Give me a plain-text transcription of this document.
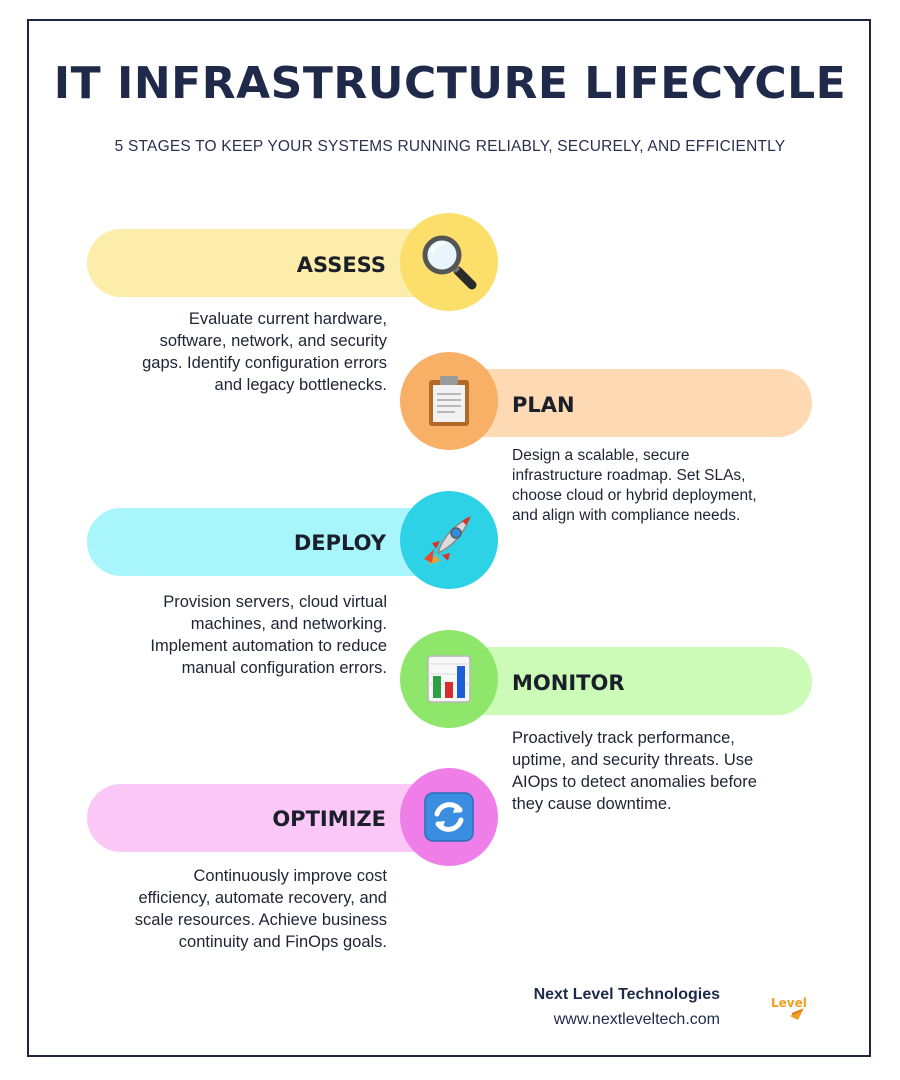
IT INFRASTRUCTURE LIFECYCLE
5 STAGES TO KEEP YOUR SYSTEMS RUNNING RELIABLY, SECURELY, AND EFFICIENTLY
ASSESS
Evaluate current hardware,
software, network, and security
gaps. Identify configuration errors
and legacy bottlenecks.
PLAN
Design a scalable, secure
infrastructure roadmap. Set SLAs,
choose cloud or hybrid deployment,
and align with compliance needs.
DEPLOY
Provision servers, cloud virtual
machines, and networking.
Implement automation to reduce
manual configuration errors.
MONITOR
Proactively track performance,
uptime, and security threats. Use
AIOps to detect anomalies before
they cause downtime.
OPTIMIZE
Continuously improve cost
efficiency, automate recovery, and
scale resources. Achieve business
continuity and FinOps goals.
Next Level Technologies
www.nextleveltech.com
Level
